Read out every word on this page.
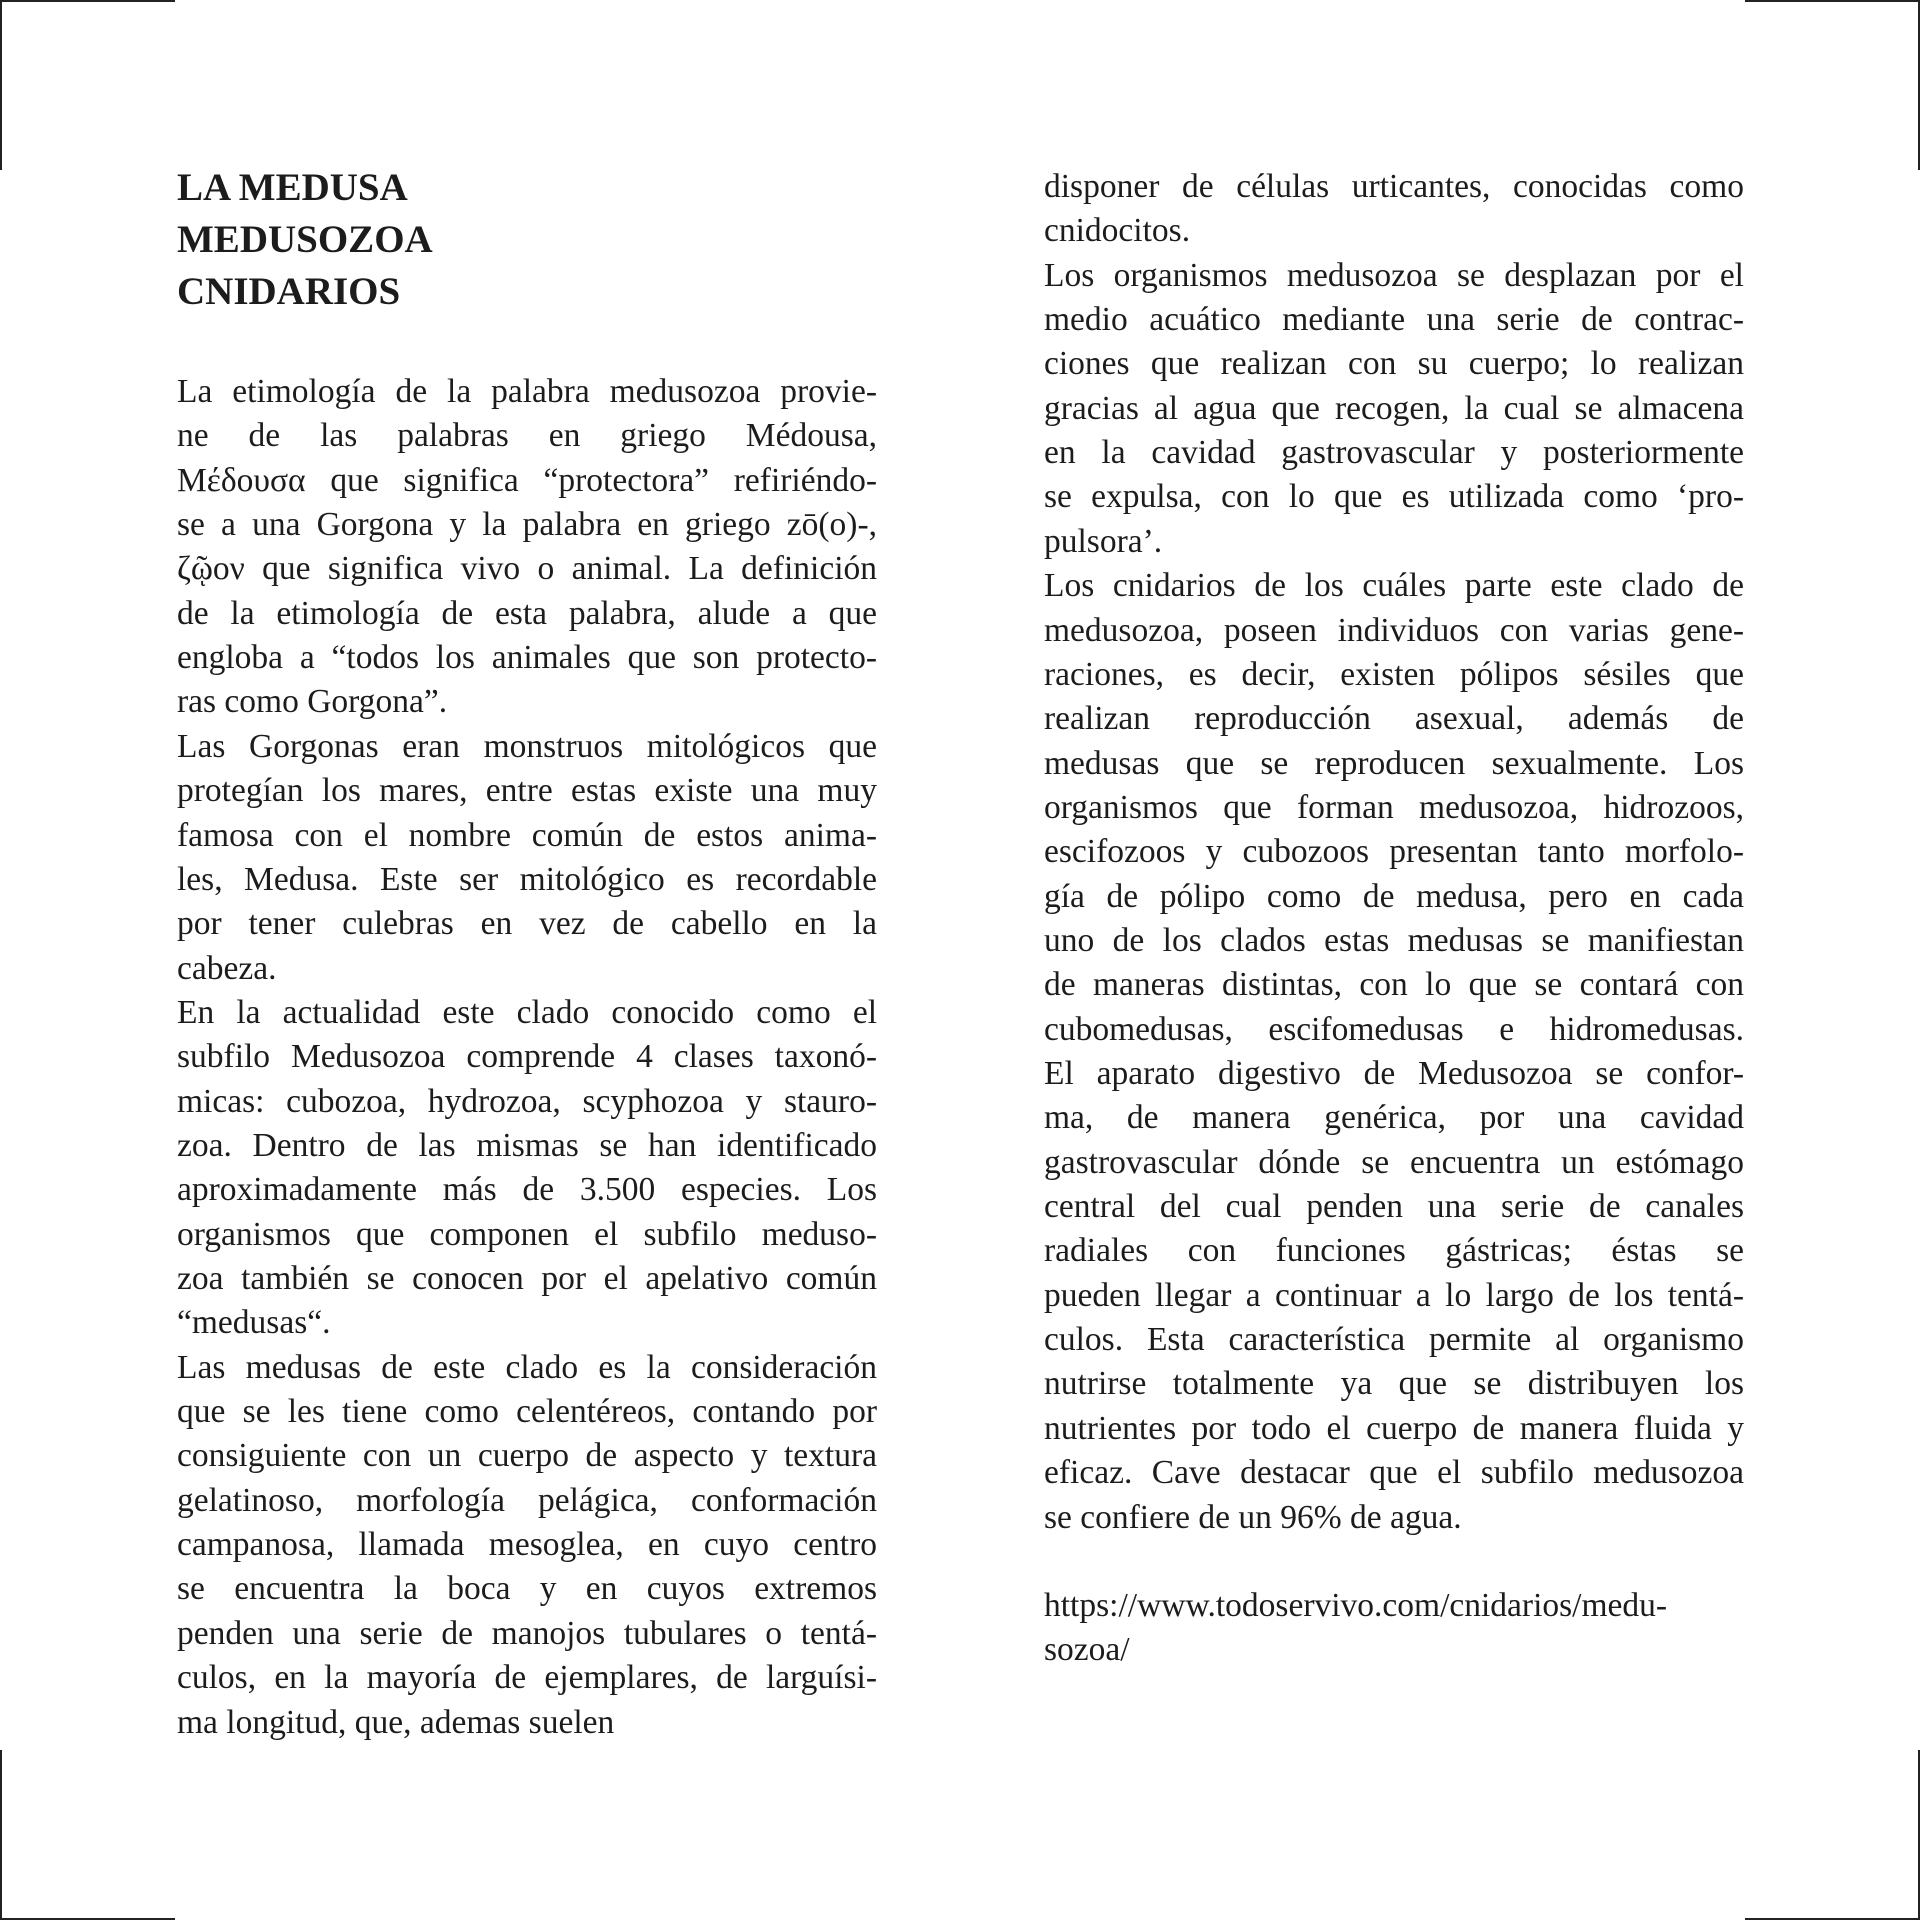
LA MEDUSA
MEDUSOZOA
CNIDARIOS
La etimología de la palabra medusozoa provie-
ne de las palabras en griego Médousa,
Μέδουσα que significa “protectora” refiriéndo-
se a una Gorgona y la palabra en griego zō(o)-,
ζῷον que significa vivo o animal. La definición
de la etimología de esta palabra, alude a que
engloba a “todos los animales que son protecto-
ras como Gorgona”.
Las Gorgonas eran monstruos mitológicos que
protegían los mares, entre estas existe una muy
famosa con el nombre común de estos anima-
les, Medusa. Este ser mitológico es recordable
por tener culebras en vez de cabello en la
cabeza.
En la actualidad este clado conocido como el
subfilo Medusozoa comprende 4 clases taxonó-
micas: cubozoa, hydrozoa, scyphozoa y stauro-
zoa. Dentro de las mismas se han identificado
aproximadamente más de 3.500 especies. Los
organismos que componen el subfilo meduso-
zoa también se conocen por el apelativo común
“medusas“.
Las medusas de este clado es la consideración
que se les tiene como celentéreos, contando por
consiguiente con un cuerpo de aspecto y textura
gelatinoso, morfología pelágica, conformación
campanosa, llamada mesoglea, en cuyo centro
se encuentra la boca y en cuyos extremos
penden una serie de manojos tubulares o tentá-
culos, en la mayoría de ejemplares, de larguísi-
ma longitud, que, ademas suelen
disponer de células urticantes, conocidas como
cnidocitos.
Los organismos medusozoa se desplazan por el
medio acuático mediante una serie de contrac-
ciones que realizan con su cuerpo; lo realizan
gracias al agua que recogen, la cual se almacena
en la cavidad gastrovascular y posteriormente
se expulsa, con lo que es utilizada como ‘pro-
pulsora’.
Los cnidarios de los cuáles parte este clado de
medusozoa, poseen individuos con varias gene-
raciones, es decir, existen pólipos sésiles que
realizan reproducción asexual, además de
medusas que se reproducen sexualmente. Los
organismos que forman medusozoa, hidrozoos,
escifozoos y cubozoos presentan tanto morfolo-
gía de pólipo como de medusa, pero en cada
uno de los clados estas medusas se manifiestan
de maneras distintas, con lo que se contará con
cubomedusas, escifomedusas e hidromedusas.
El aparato digestivo de Medusozoa se confor-
ma, de manera genérica, por una cavidad
gastrovascular dónde se encuentra un estómago
central del cual penden una serie de canales
radiales con funciones gástricas; éstas se
pueden llegar a continuar a lo largo de los tentá-
culos. Esta característica permite al organismo
nutrirse totalmente ya que se distribuyen los
nutrientes por todo el cuerpo de manera fluida y
eficaz. Cave destacar que el subfilo medusozoa
se confiere de un 96% de agua.
https://www.todoservivo.com/cnidarios/medu-
sozoa/
